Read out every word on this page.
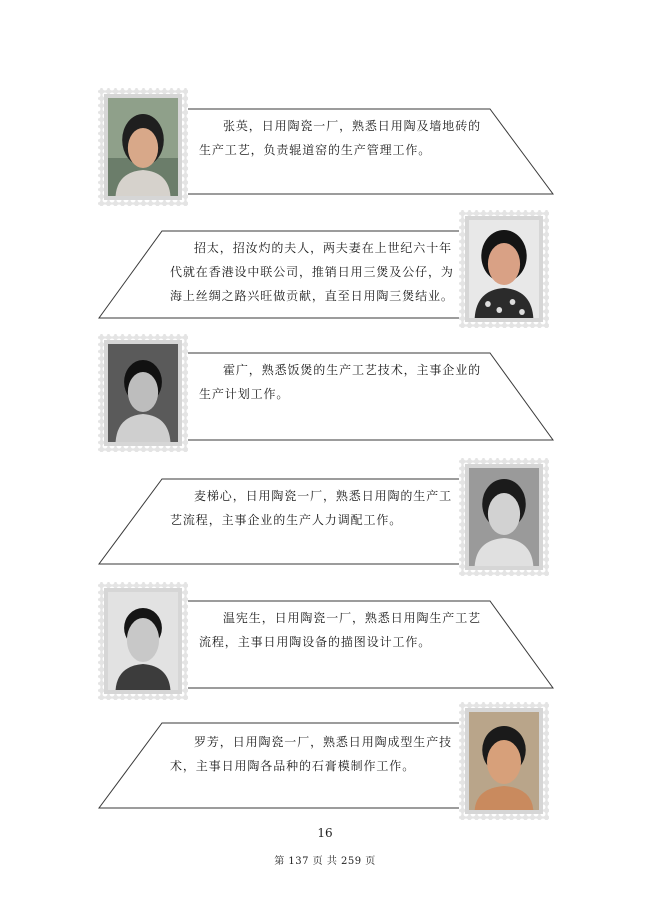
张英，日用陶瓷一厂，熟悉日用陶及墙地砖的生产工艺，负责辊道窑的生产管理工作。
招太，招汝灼的夫人，两夫妻在上世纪六十年代就在香港设中联公司，推销日用三煲及公仔，为海上丝绸之路兴旺做贡献，直至日用陶三煲结业。
霍广，熟悉饭煲的生产工艺技术，主事企业的生产计划工作。
麦梯心，日用陶瓷一厂，熟悉日用陶的生产工艺流程，主事企业的生产人力调配工作。
温宪生，日用陶瓷一厂，熟悉日用陶生产工艺流程，主事日用陶设备的描图设计工作。
罗芳，日用陶瓷一厂，熟悉日用陶成型生产技术，主事日用陶各品种的石膏模制作工作。
16
第 137 页 共 259 页
